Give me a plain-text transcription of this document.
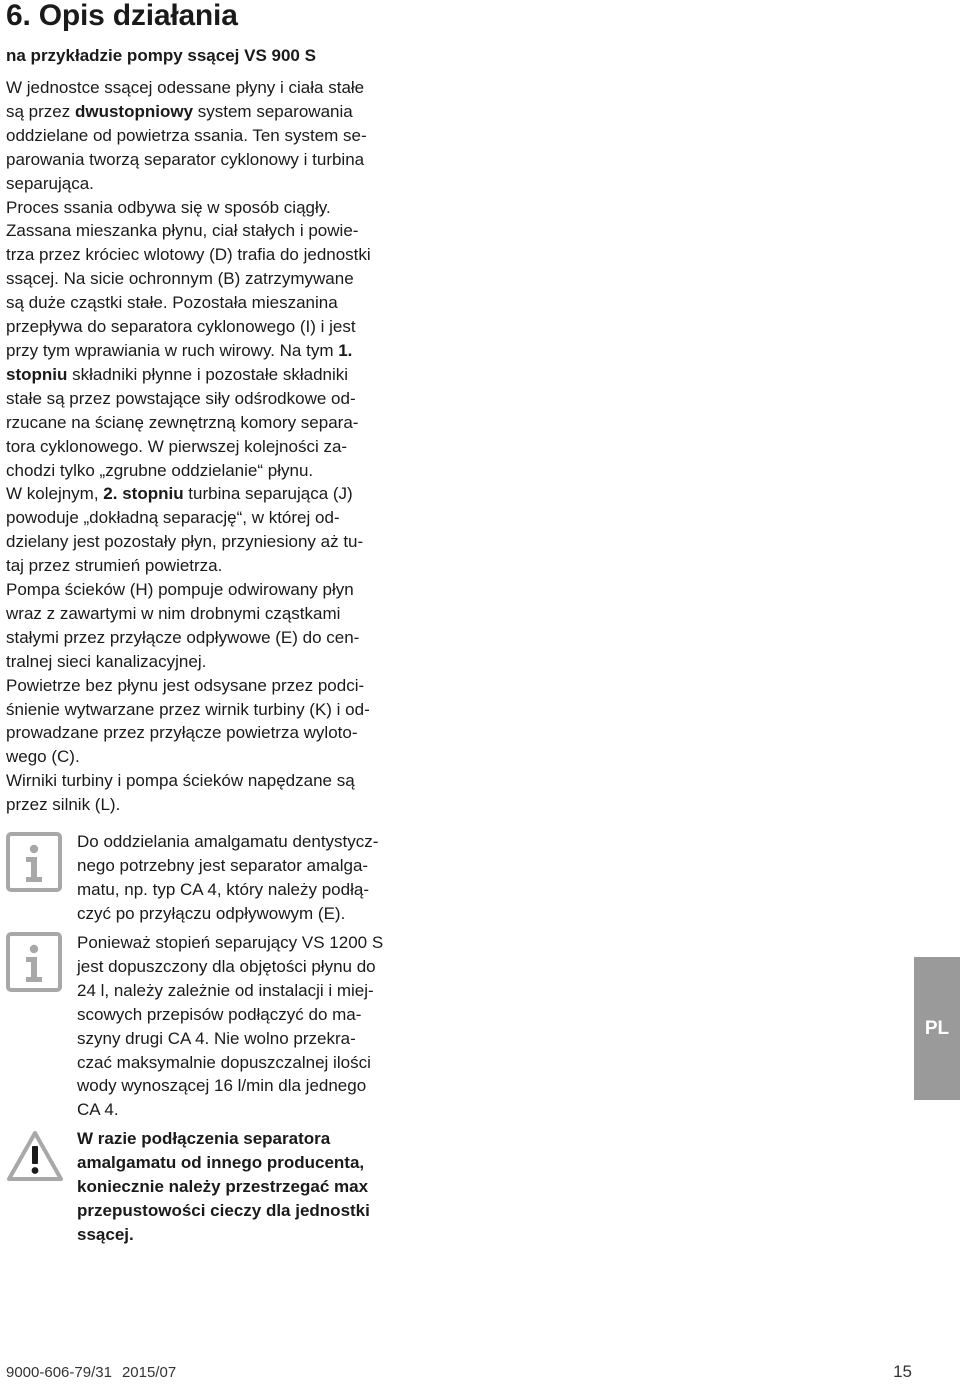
6. Opis działania
na przykładzie pompy ssącej VS 900 S
W jednostce ssącej odessane płyny i ciała stałe
są przez dwustopniowy system separowania
oddzielane od powietrza ssania. Ten system se-
parowania tworzą separator cyklonowy i turbina
separująca.
Proces ssania odbywa się w sposób ciągły.
Zassana mieszanka płynu, ciał stałych i powie-
trza przez króciec wlotowy (D) trafia do jednostki
ssącej. Na sicie ochronnym (B) zatrzymywane
są duże cząstki stałe. Pozostała mieszanina
przepływa do separatora cyklonowego (I) i jest
przy tym wprawiania w ruch wirowy. Na tym 1.
stopniu składniki płynne i pozostałe składniki
stałe są przez powstające siły odśrodkowe od-
rzucane na ścianę zewnętrzną komory separa-
tora cyklonowego. W pierwszej kolejności za-
chodzi tylko „zgrubne oddzielanie“ płynu.
W kolejnym, 2. stopniu turbina separująca (J)
powoduje „dokładną separację“, w której od-
dzielany jest pozostały płyn, przyniesiony aż tu-
taj przez strumień powietrza.
Pompa ścieków (H) pompuje odwirowany płyn
wraz z zawartymi w nim drobnymi cząstkami
stałymi przez przyłącze odpływowe (E) do cen-
tralnej sieci kanalizacyjnej.
Powietrze bez płynu jest odsysane przez podci-
śnienie wytwarzane przez wirnik turbiny (K) i od-
prowadzane przez przyłącze powietrza wyloto-
wego (C).
Wirniki turbiny i pompa ścieków napędzane są
przez silnik (L).
Do oddzielania amalgamatu dentystycz-
nego potrzebny jest separator amalga-
matu, np. typ CA 4, który należy podłą-
czyć po przyłączu odpływowym (E).
Ponieważ stopień separujący VS 1200 S
jest dopuszczony dla objętości płynu do
24 l, należy zależnie od instalacji i miej-
scowych przepisów podłączyć do ma-
szyny drugi CA 4. Nie wolno przekra-
czać maksymalnie dopuszczalnej ilości
wody wynoszącej 16 l/min dla jednego
CA 4.
W razie podłączenia separatora
amalgamatu od innego producenta,
koniecznie należy przestrzegać max
przepustowości cieczy dla jednostki
ssącej.
PL
9000-606-79/31 2015/07	15
